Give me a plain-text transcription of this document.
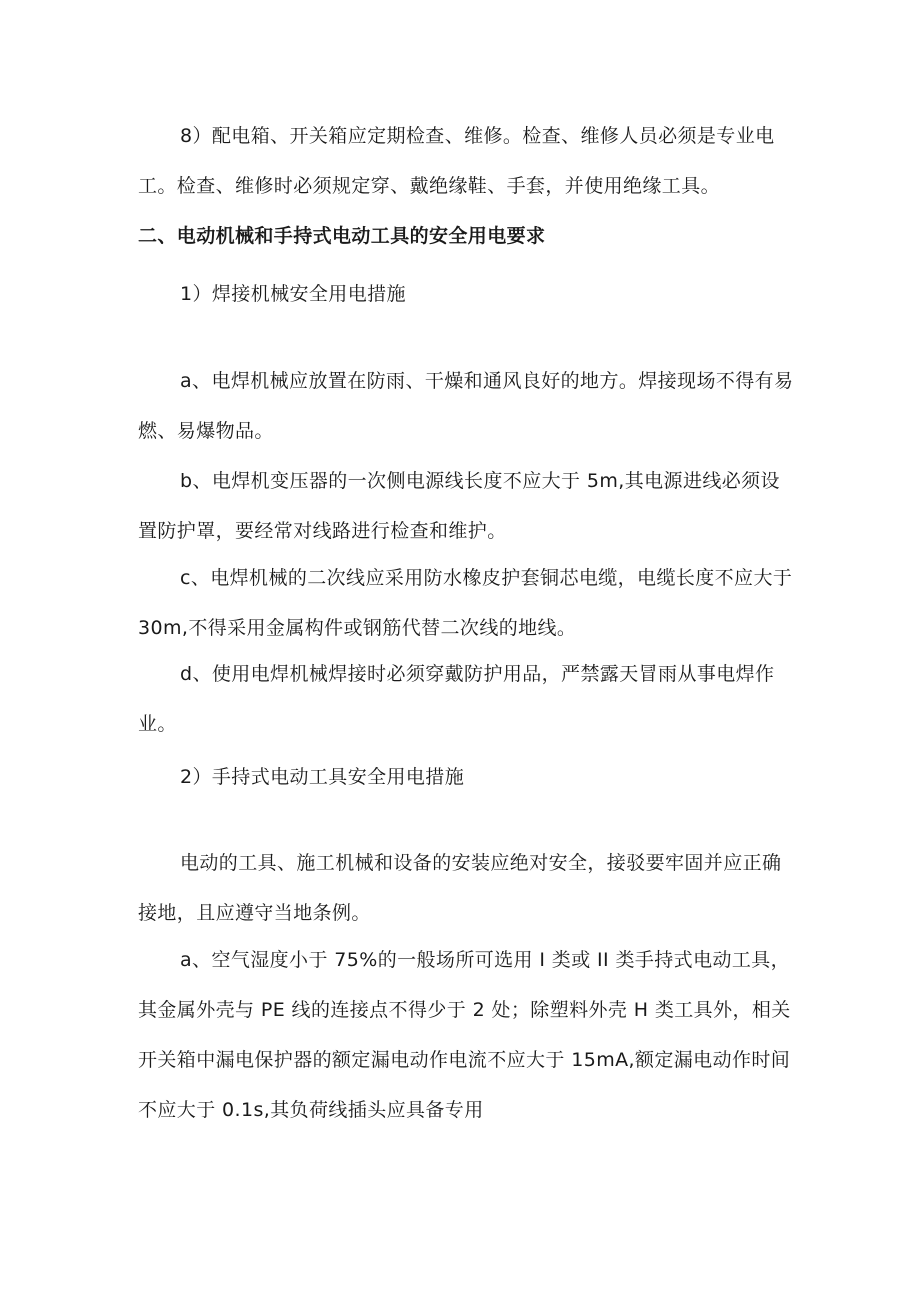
8）配电箱、开关箱应定期检查、维修。检查、维修人员必须是专业电工。检查、维修时必须规定穿、戴绝缘鞋、手套，并使用绝缘工具。

二、电动机械和手持式电动工具的安全用电要求

1）焊接机械安全用电措施

a、电焊机械应放置在防雨、干燥和通风良好的地方。焊接现场不得有易燃、易爆物品。

b、电焊机变压器的一次侧电源线长度不应大于 5m,其电源进线必须设置防护罩，要经常对线路进行检查和维护。

c、电焊机械的二次线应采用防水橡皮护套铜芯电缆，电缆长度不应大于 30m,不得采用金属构件或钢筋代替二次线的地线。

d、使用电焊机械焊接时必须穿戴防护用品，严禁露天冒雨从事电焊作业。

2）手持式电动工具安全用电措施

电动的工具、施工机械和设备的安装应绝对安全，接驳要牢固并应正确接地，且应遵守当地条例。

a、空气湿度小于 75%的一般场所可选用 I 类或 II 类手持式电动工具，其金属外壳与 PE 线的连接点不得少于 2 处；除塑料外壳 H 类工具外，相关开关箱中漏电保护器的额定漏电动作电流不应大于 15mA,额定漏电动作时间不应大于 0.1s,其负荷线插头应具备专用
